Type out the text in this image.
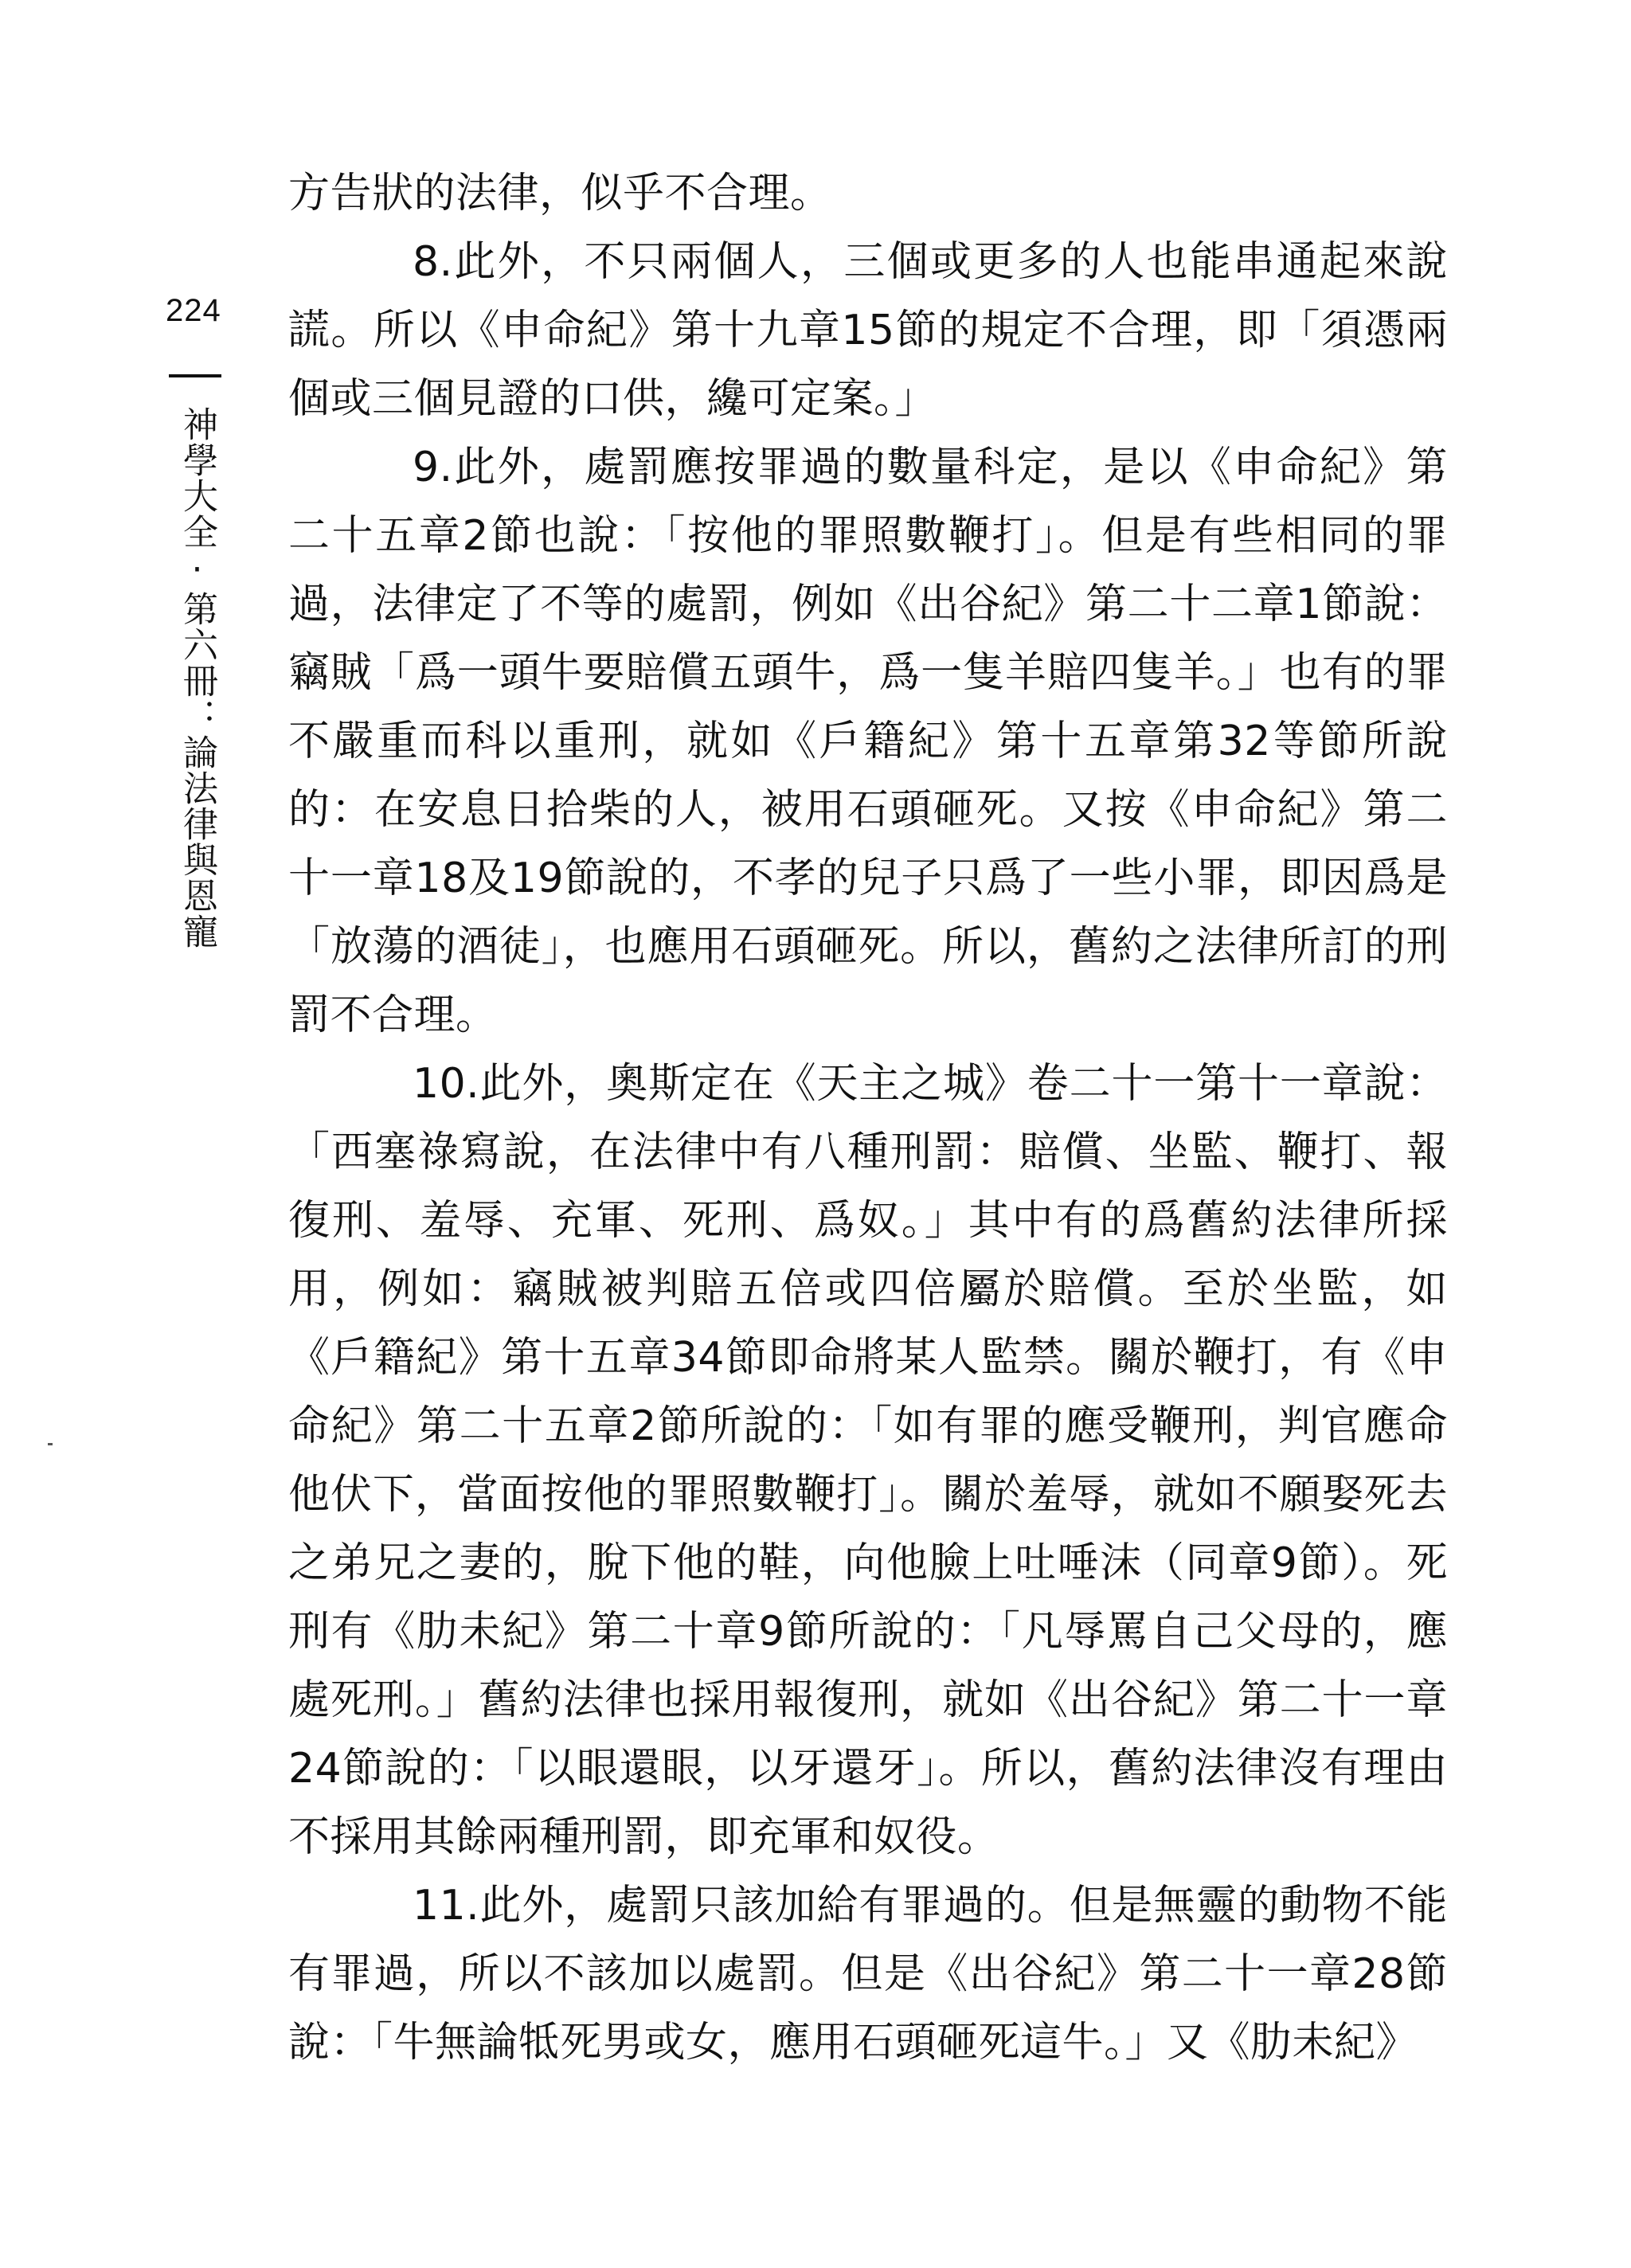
224
神學大全·第六冊：論法律與恩寵

方告狀的法律，似乎不合理。

8.此外，不只兩個人，三個或更多的人也能串通起來說謊。所以《申命紀》第十九章15節的規定不合理，即「須憑兩個或三個見證的口供，纔可定案。」

9.此外，處罰應按罪過的數量科定，是以《申命紀》第二十五章2節也說：「按他的罪照數鞭打」。但是有些相同的罪過，法律定了不等的處罰，例如《出谷紀》第二十二章1節說：竊賊「爲一頭牛要賠償五頭牛，爲一隻羊賠四隻羊。」也有的罪不嚴重而科以重刑，就如《戶籍紀》第十五章第32等節所說的：在安息日拾柴的人，被用石頭砸死。又按《申命紀》第二十一章18及19節說的，不孝的兒子只爲了一些小罪，即因爲是「放蕩的酒徒」，也應用石頭砸死。所以，舊約之法律所訂的刑罰不合理。

10.此外，奧斯定在《天主之城》卷二十一第十一章說：「西塞祿寫說，在法律中有八種刑罰：賠償、坐監、鞭打、報復刑、羞辱、充軍、死刑、爲奴。」其中有的爲舊約法律所採用，例如：竊賊被判賠五倍或四倍屬於賠償。至於坐監，如《戶籍紀》第十五章34節即命將某人監禁。關於鞭打，有《申命紀》第二十五章2節所說的：「如有罪的應受鞭刑，判官應命他伏下，當面按他的罪照數鞭打」。關於羞辱，就如不願娶死去之弟兄之妻的，脫下他的鞋，向他臉上吐唾沫（同章9節）。死刑有《肋未紀》第二十章9節所說的：「凡辱罵自己父母的，應處死刑。」舊約法律也採用報復刑，就如《出谷紀》第二十一章24節說的：「以眼還眼，以牙還牙」。所以，舊約法律沒有理由不採用其餘兩種刑罰，即充軍和奴役。

11.此外，處罰只該加給有罪過的。但是無靈的動物不能有罪過，所以不該加以處罰。但是《出谷紀》第二十一章28節說：「牛無論牴死男或女，應用石頭砸死這牛。」又《肋未紀》
